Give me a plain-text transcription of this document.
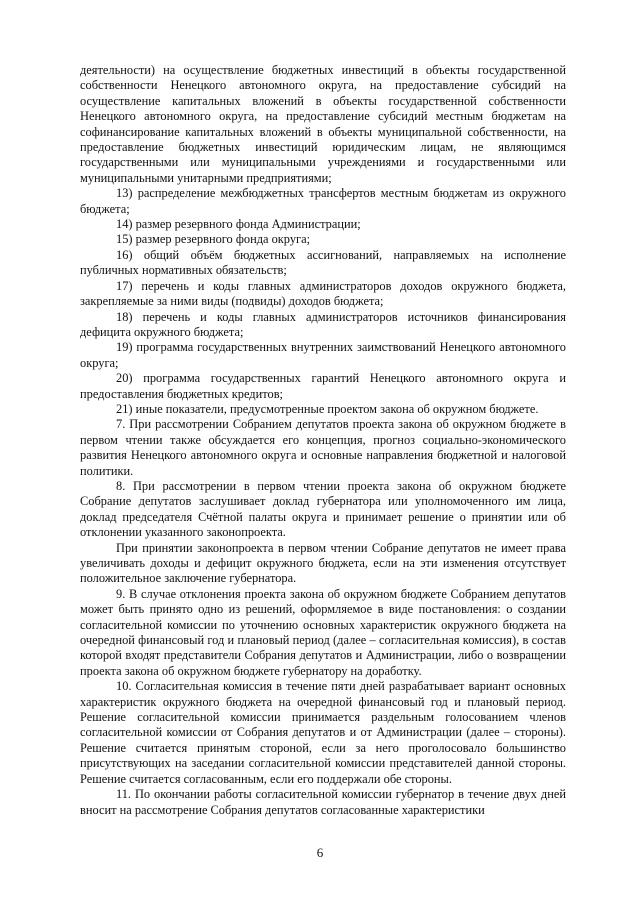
деятельности) на осуществление бюджетных инвестиций в объекты государственной собственности Ненецкого автономного округа, на предоставление субсидий на осуществление капитальных вложений в объекты государственной собственности Ненецкого автономного округа, на предоставление субсидий местным бюджетам на софинансирование капитальных вложений в объекты муниципальной собственности, на предоставление бюджетных инвестиций юридическим лицам, не являющимся государственными или муниципальными учреждениями и государственными или муниципальными унитарными предприятиями;

13) распределение межбюджетных трансфертов местным бюджетам из окружного бюджета;

14) размер резервного фонда Администрации;

15) размер резервного фонда округа;

16) общий объём бюджетных ассигнований, направляемых на исполнение публичных нормативных обязательств;

17) перечень и коды главных администраторов доходов окружного бюджета, закрепляемые за ними виды (подвиды) доходов бюджета;

18) перечень и коды главных администраторов источников финансирования дефицита окружного бюджета;

19) программа государственных внутренних заимствований Ненецкого автономного округа;

20) программа государственных гарантий Ненецкого автономного округа и предоставления бюджетных кредитов;

21) иные показатели, предусмотренные проектом закона об окружном бюджете.

7. При рассмотрении Собранием депутатов проекта закона об окружном бюджете в первом чтении также обсуждается его концепция, прогноз социально-экономического развития Ненецкого автономного округа и основные направления бюджетной и налоговой политики.

8. При рассмотрении в первом чтении проекта закона об окружном бюджете Собрание депутатов заслушивает доклад губернатора или уполномоченного им лица, доклад председателя Счётной палаты округа и принимает решение о принятии или об отклонении указанного законопроекта.

При принятии законопроекта в первом чтении Собрание депутатов не имеет права увеличивать доходы и дефицит окружного бюджета, если на эти изменения отсутствует положительное заключение губернатора.

9. В случае отклонения проекта закона об окружном бюджете Собранием депутатов может быть принято одно из решений, оформляемое в виде постановления: о создании согласительной комиссии по уточнению основных характеристик окружного бюджета на очередной финансовый год и плановый период (далее – согласительная комиссия), в состав которой входят представители Собрания депутатов и Администрации, либо о возвращении проекта закона об окружном бюджете губернатору на доработку.

10. Согласительная комиссия в течение пяти дней разрабатывает вариант основных характеристик окружного бюджета на очередной финансовый год и плановый период. Решение согласительной комиссии принимается раздельным голосованием членов согласительной комиссии от Собрания депутатов и от Администрации (далее – стороны). Решение считается принятым стороной, если за него проголосовало большинство присутствующих на заседании согласительной комиссии представителей данной стороны. Решение считается согласованным, если его поддержали обе стороны.

11. По окончании работы согласительной комиссии губернатор в течение двух дней вносит на рассмотрение Собрания депутатов согласованные характеристики

6
